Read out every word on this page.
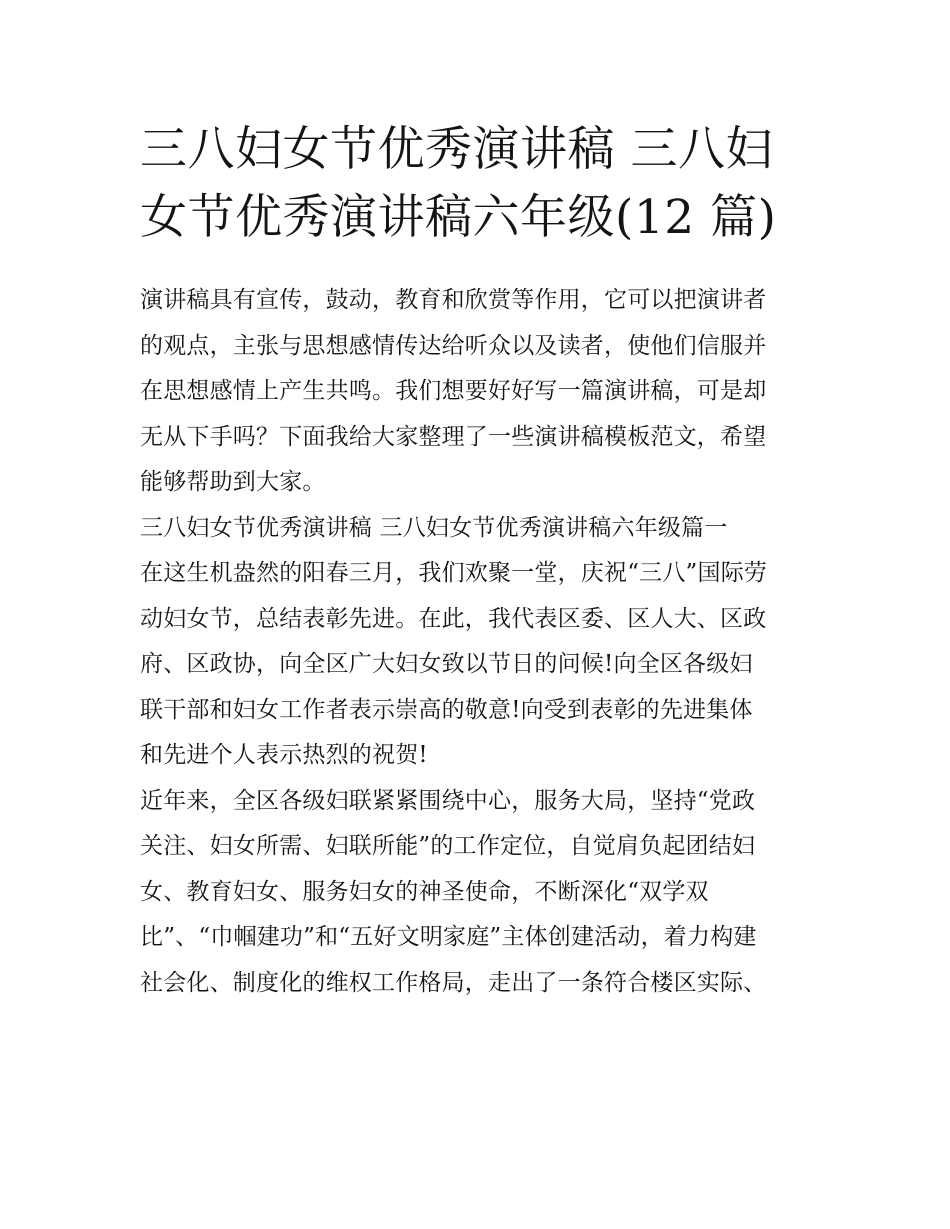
三八妇女节优秀演讲稿 三八妇
女节优秀演讲稿六年级(12 篇)
演讲稿具有宣传，鼓动，教育和欣赏等作用，它可以把演讲者
的观点，主张与思想感情传达给听众以及读者，使他们信服并
在思想感情上产生共鸣。我们想要好好写一篇演讲稿，可是却
无从下手吗？下面我给大家整理了一些演讲稿模板范文，希望
能够帮助到大家。
三八妇女节优秀演讲稿 三八妇女节优秀演讲稿六年级篇一
在这生机盎然的阳春三月，我们欢聚一堂，庆祝“三八”国际劳
动妇女节，总结表彰先进。在此，我代表区委、区人大、区政
府、区政协，向全区广大妇女致以节日的问候!向全区各级妇
联干部和妇女工作者表示崇高的敬意!向受到表彰的先进集体
和先进个人表示热烈的祝贺!
近年来，全区各级妇联紧紧围绕中心，服务大局，坚持“党政
关注、妇女所需、妇联所能”的工作定位，自觉肩负起团结妇
女、教育妇女、服务妇女的神圣使命，不断深化“双学双
比”、“巾帼建功”和“五好文明家庭”主体创建活动，着力构建
社会化、制度化的维权工作格局，走出了一条符合楼区实际、
